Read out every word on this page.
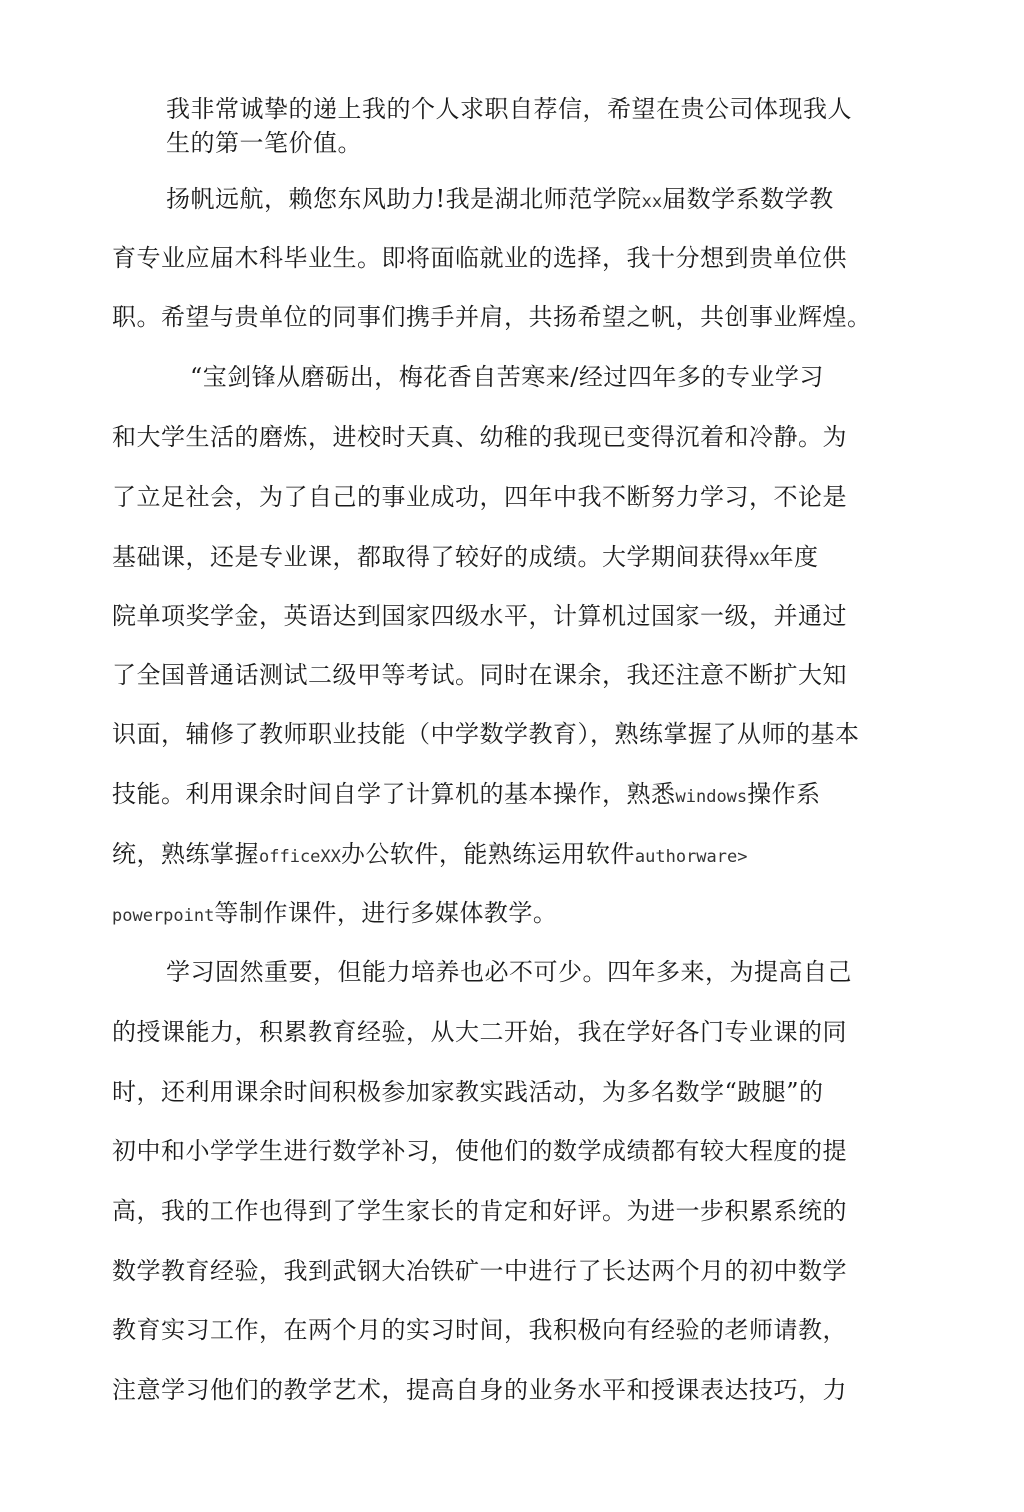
我非常诚挚的递上我的个人求职自荐信，希望在贵公司体现我人
生的第一笔价值。
扬帆远航，赖您东风助力!我是湖北师范学院xx届数学系数学教
育专业应届木科毕业生。即将面临就业的选择，我十分想到贵单位供
职。希望与贵单位的同事们携手并肩，共扬希望之帆，共创事业辉煌。
“宝剑锋从磨砺出，梅花香自苦寒来/经过四年多的专业学习
和大学生活的磨炼，进校时天真、幼稚的我现已变得沉着和冷静。为
了立足社会，为了自己的事业成功，四年中我不断努力学习，不论是
基础课，还是专业课，都取得了较好的成绩。大学期间获得XX年度
院单项奖学金，英语达到国家四级水平，计算机过国家一级，并通过
了全国普通话测试二级甲等考试。同时在课余，我还注意不断扩大知
识面，辅修了教师职业技能（中学数学教育），熟练掌握了从师的基本
技能。利用课余时间自学了计算机的基本操作，熟悉windows操作系
统，熟练掌握officeXX办公软件，能熟练运用软件authorware>
powerpoint等制作课件，进行多媒体教学。
学习固然重要，但能力培养也必不可少。四年多来，为提高自己
的授课能力，积累教育经验，从大二开始，我在学好各门专业课的同
时，还利用课余时间积极参加家教实践活动，为多名数学“跛腿”的
初中和小学学生进行数学补习，使他们的数学成绩都有较大程度的提
高，我的工作也得到了学生家长的肯定和好评。为进一步积累系统的
数学教育经验，我到武钢大冶铁矿一中进行了长达两个月的初中数学
教育实习工作，在两个月的实习时间，我积极向有经验的老师请教，
注意学习他们的教学艺术，提高自身的业务水平和授课表达技巧，力
